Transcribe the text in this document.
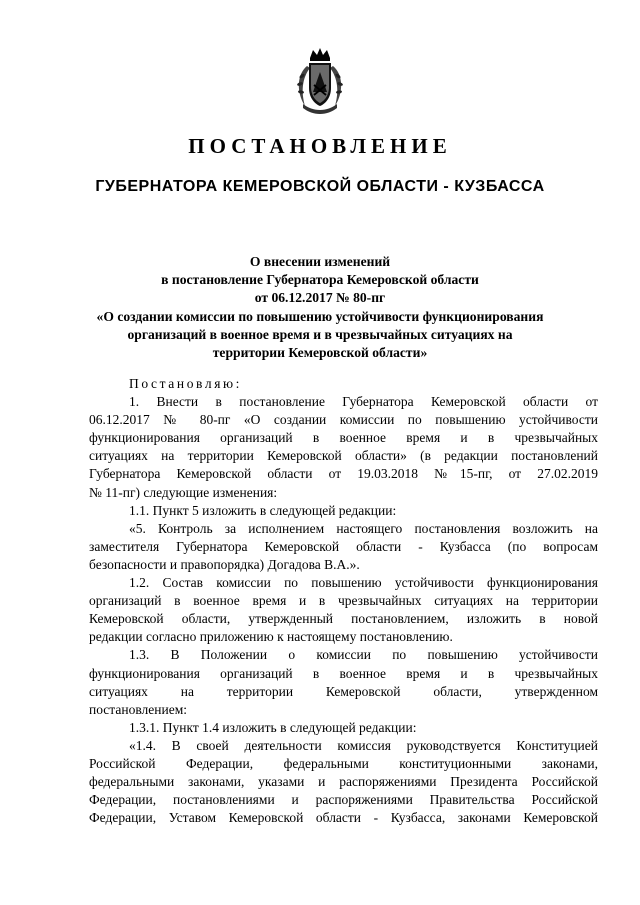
ПОСТАНОВЛЕНИЕ
ГУБЕРНАТОРА КЕМЕРОВСКОЙ ОБЛАСТИ - КУЗБАССА
О внесении изменений
в постановление Губернатора Кемеровской области
от 06.12.2017 № 80-пг
«О создании комиссии по повышению устойчивости функционирования
организаций в военное время и в чрезвычайных ситуациях на
территории Кемеровской области»

Постановляю:

1. Внести в постановление Губернатора Кемеровской области от

06.12.2017 № 80-пг «О создании комиссии по повышению устойчивости

функционирования организаций в военное время и в чрезвычайных

ситуациях на территории Кемеровской области» (в редакции постановлений

Губернатора Кемеровской области от 19.03.2018 №15-пг, от 27.02.2019

№ 11-пг) следующие изменения:

1.1. Пункт 5 изложить в следующей редакции:

«5. Контроль за исполнением настоящего постановления возложить на

заместителя Губернатора Кемеровской области - Кузбасса (по вопросам

безопасности и правопорядка) Догадова В.А.».

1.2. Состав комиссии по повышению устойчивости функционирования

организаций в военное время и в чрезвычайных ситуациях на территории

Кемеровской области, утвержденный постановлением, изложить в новой

редакции согласно приложению к настоящему постановлению.

1.3. В Положении о комиссии по повышению устойчивости

функционирования организаций в военное время и в чрезвычайных

ситуациях на территории Кемеровской области, утвержденном

постановлением:

1.3.1. Пункт 1.4 изложить в следующей редакции:

«1.4. В своей деятельности комиссия руководствуется Конституцией

Российской Федерации, федеральными конституционными законами,

федеральными законами, указами и распоряжениями Президента Российской

Федерации, постановлениями и распоряжениями Правительства Российской

Федерации, Уставом Кемеровской области - Кузбасса, законами Кемеровской
